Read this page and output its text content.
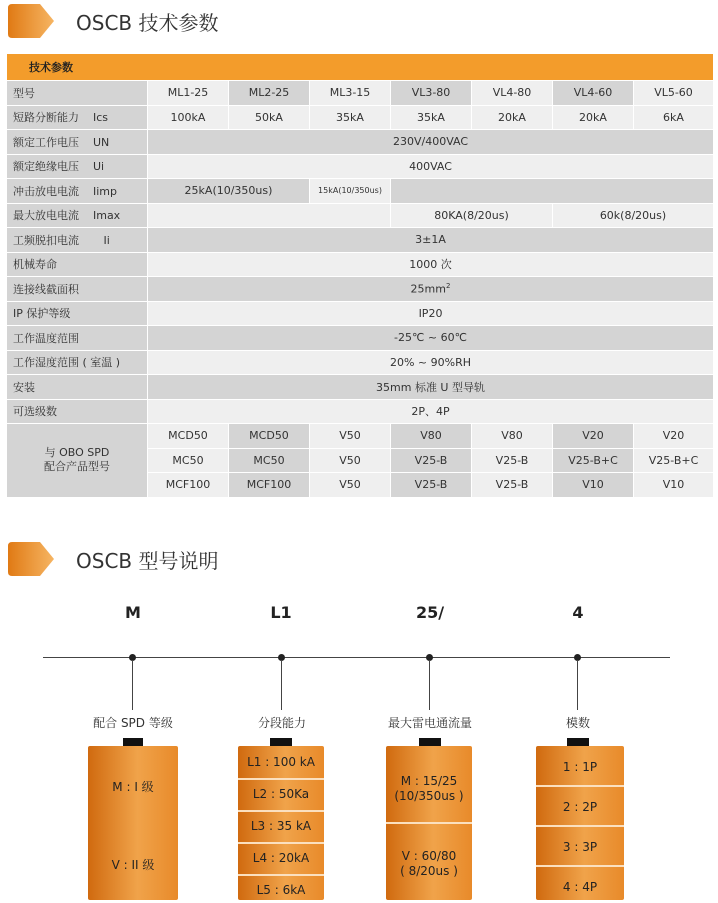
OSCB 技术参数
技术参数							
型号	ML1-25	ML2-25	ML3-15	VL3-80	VL4-80	VL4-60	VL5-60
短路分断能力    Ics	100kA	50kA	35kA	35kA	20kA	20kA	6kA
额定工作电压    UN	230V/400VAC						
额定绝缘电压    Ui	400VAC						
冲击放电电流    Iimp	25kA(10/350us)		15kA(10/350us)				
最大放电电流    Imax				80KA(8/20us)		60k(8/20us)	
工频脱扣电流       Ii	3±1A						
机械寿命	1000 次						
连接线截面积	$25mm^2$
IP 保护等级	IP20						
工作温度范围	-25℃ ~ 60℃						
工作湿度范围 ( 室温 )	20% ~ 90%RH						
安装	35mm 标准 U 型导轨						
可选级数	2P、4P						

与 OBO SPD
配合产品型号	MCD50	MCD50	V50	V80	V80	V20	V20
	MC50	MC50	V50	V25-B	V25-B	V25-B+C	V25-B+C
	MCF100	MCF100	V50	V25-B	V25-B	V10	V10
OSCB 型号说明
M	L1	25/	4
配合 SPD 等级	分段能力	最大雷电通流量	模数
M : I 级
V : II 级
L1 : 100 kA
L2 : 50Ka
L3 : 35 kA
L4 : 20kA
L5 : 6kA
M : 15/25
(10/350us )
V : 60/80
( 8/20us )
1 : 1P
2 : 2P
3 : 3P
4 : 4P
